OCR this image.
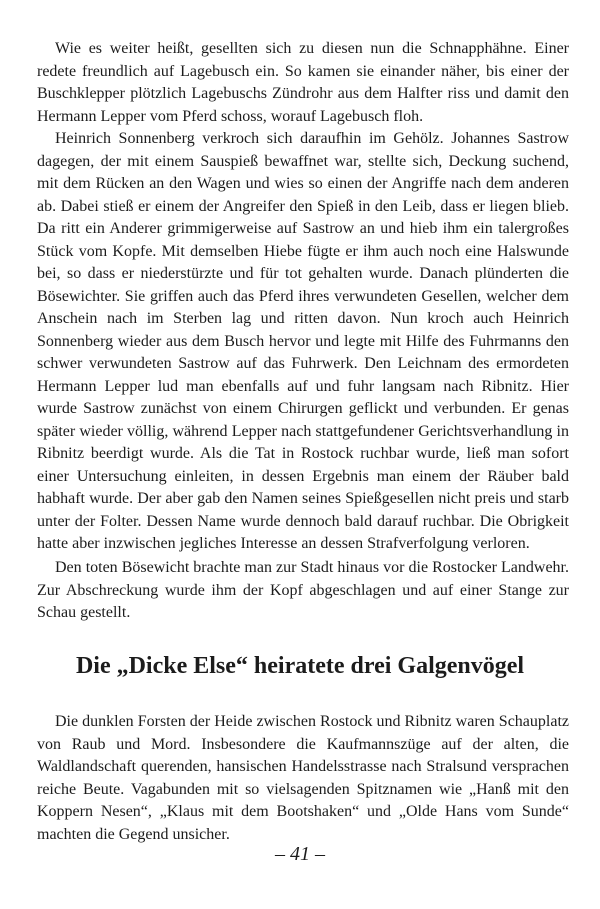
Wie es weiter heißt, gesellten sich zu diesen nun die Schnapphähne. Einer redete freundlich auf Lagebusch ein. So kamen sie einander näher, bis einer der Buschklepper plötzlich Lagebuschs Zündrohr aus dem Halfter riss und damit den Hermann Lepper vom Pferd schoss, worauf Lagebusch floh.

Heinrich Sonnenberg verkroch sich daraufhin im Gehölz. Johannes Sastrow dagegen, der mit einem Sauspieß bewaffnet war, stellte sich, Deckung suchend, mit dem Rücken an den Wagen und wies so einen der Angriffe nach dem anderen ab. Dabei stieß er einem der Angreifer den Spieß in den Leib, dass er liegen blieb. Da ritt ein Anderer grimmigerweise auf Sastrow an und hieb ihm ein talergroßes Stück vom Kopfe. Mit demselben Hiebe fügte er ihm auch noch eine Halswunde bei, so dass er niederstürzte und für tot gehalten wurde. Danach plünderten die Bösewichter. Sie griffen auch das Pferd ihres verwundeten Gesellen, welcher dem Anschein nach im Sterben lag und ritten davon. Nun kroch auch Heinrich Sonnenberg wieder aus dem Busch hervor und legte mit Hilfe des Fuhrmanns den schwer verwundeten Sastrow auf das Fuhrwerk. Den Leichnam des ermordeten Hermann Lepper lud man ebenfalls auf und fuhr langsam nach Ribnitz. Hier wurde Sastrow zunächst von einem Chirurgen geflickt und verbunden. Er genas später wieder völlig, während Lepper nach stattgefundener Gerichtsverhandlung in Ribnitz beerdigt wurde. Als die Tat in Rostock ruchbar wurde, ließ man sofort einer Untersuchung einleiten, in dessen Ergebnis man einem der Räuber bald habhaft wurde. Der aber gab den Namen seines Spießgesellen nicht preis und starb unter der Folter. Dessen Name wurde dennoch bald darauf ruchbar. Die Obrigkeit hatte aber inzwischen jegliches Interesse an dessen Strafverfolgung verloren.

Den toten Bösewicht brachte man zur Stadt hinaus vor die Rostocker Landwehr. Zur Abschreckung wurde ihm der Kopf abgeschlagen und auf einer Stange zur Schau gestellt.

Die „Dicke Else“ heiratete drei Galgenvögel

Die dunklen Forsten der Heide zwischen Rostock und Ribnitz waren Schauplatz von Raub und Mord. Insbesondere die Kaufmannszüge auf der alten, die Waldlandschaft querenden, hansischen Handelsstrasse nach Stralsund versprachen reiche Beute. Vagabunden mit so vielsagenden Spitznamen wie „Hanß mit den Koppern Nesen“, „Klaus mit dem Bootshaken“ und „Olde Hans vom Sunde“ machten die Gegend unsicher.

– 41 –
